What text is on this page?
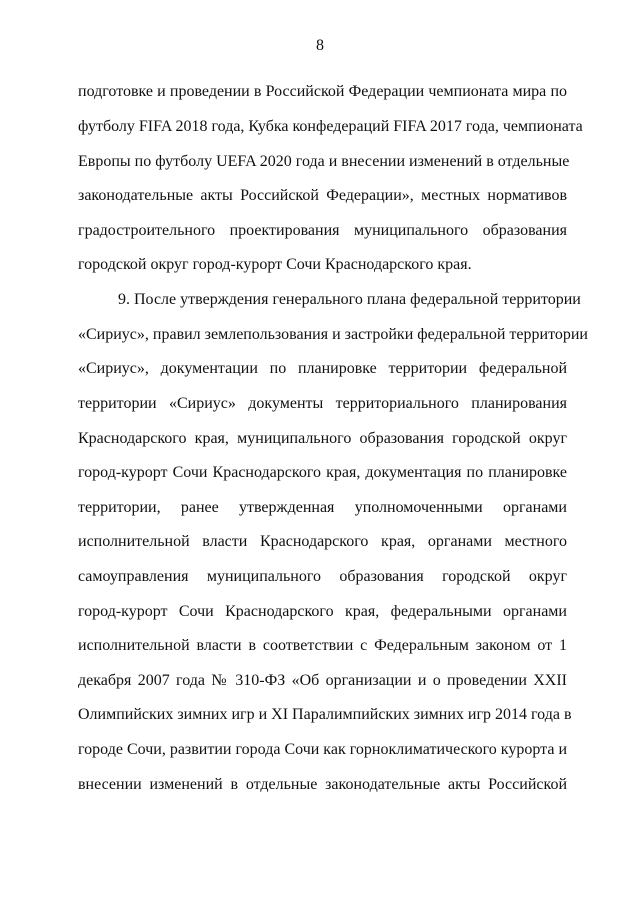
8
подготовке и проведении в Российской Федерации чемпионата мира по
футболу FIFA 2018 года, Кубка конфедераций FIFA 2017 года, чемпионата
Европы по футболу UEFA 2020 года и внесении изменений в отдельные
законодательные акты Российской Федерации», местных нормативов
градостроительного проектирования муниципального образования
городской округ город-курорт Сочи Краснодарского края.
9. После утверждения генерального плана федеральной территории
«Сириус», правил землепользования и застройки федеральной территории
«Сириус», документации по планировке территории федеральной
территории «Сириус» документы территориального планирования
Краснодарского края, муниципального образования городской округ
город-курорт Сочи Краснодарского края, документация по планировке
территории, ранее утвержденная уполномоченными органами
исполнительной власти Краснодарского края, органами местного
самоуправления муниципального образования городской округ
город-курорт Сочи Краснодарского края, федеральными органами
исполнительной власти в соответствии с Федеральным законом от 1
декабря 2007 года № 310-ФЗ «Об организации и о проведении XXII
Олимпийских зимних игр и XI Паралимпийских зимних игр 2014 года в
городе Сочи, развитии города Сочи как горноклиматического курорта и
внесении изменений в отдельные законодательные акты Российской
